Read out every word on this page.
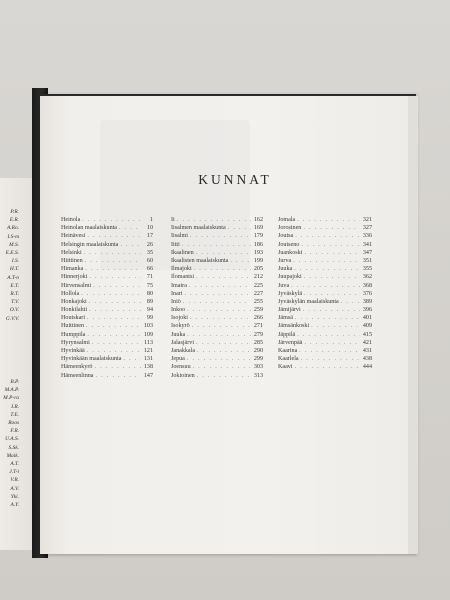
P.R.
E.R.
A.Ro.
I.S-m
M.S.
E.E.S.
I.S.
H.T.
A.T-n
E.T.
R.T.
T.V.
O.V.
G.V.V.
B.P.
M.A.P.
M.P-ra
I.R.
T.E.
Roos
F.R.
U.A.S.
S.Sk.
Maik.
A.T.
J.T-i
V.R.
A.V.
Yki.
A.Y.
KUNNAT
Heinola . . .	1
Heinolan maalaiskunta . . .	10
Heinävesi . . .	17
Helsingin maalaiskunta . . .	26
Helsinki . . .	35
Hiittinen . . .	60
Himanka . . .	66
Hinnerjoki . . .	71
Hirvensalmi . . .	75
Hollola . . .	80
Honkajoki . . .	89
Honkilahti . . .	94
Houtskari . . .	99
Huittinen . . .	103
Humppila . . .	109
Hyrynsalmi . . .	113
Hyvinkää . . .	121
Hyvinkään maalaiskunta . . .	131
Hämeenkyrö . . .	138
Hämeenlinna . . .	147
Ii . . .	162
Iisalmen maalaiskunta . . .	169
Iisalmi . . .	179
Iitti . . .	186
Ikaalinen . . .	193
Ikaalisten maalaiskunta . . .	199
Ilmajoki . . .	205
Ilomantsi . . .	212
Imatra . . .	225
Inari . . .	227
Iniö . . .	255
Inkoo . . .	259
Isojoki . . .	266
Isokyrö . . .	271
Juuka . . .	279
Jalasjärvi . . .	285
Janakkala . . .	290
Jepua . . .	299
Joensuu . . .	303
Jokioinen . . .	313
Jomala . . .	321
Jorosinen . . .	327
Joutsa . . .	336
Joutseno . . .	341
Juankoski . . .	347
Jurva . . .	351
Juuka . . .	355
Juupajoki . . .	362
Juva . . .	368
Jyväskylä . . .	376
Jyväskylän maalaiskunta . . .	389
Jämijärvi . . .	396
Jämsä . . .	401
Jämsänkoski . . .	409
Jäppilä . . .	415
Järvenpää . . .	421
Kaarina . . .	431
Kaarlela . . .	438
Kaavi . . .	444
